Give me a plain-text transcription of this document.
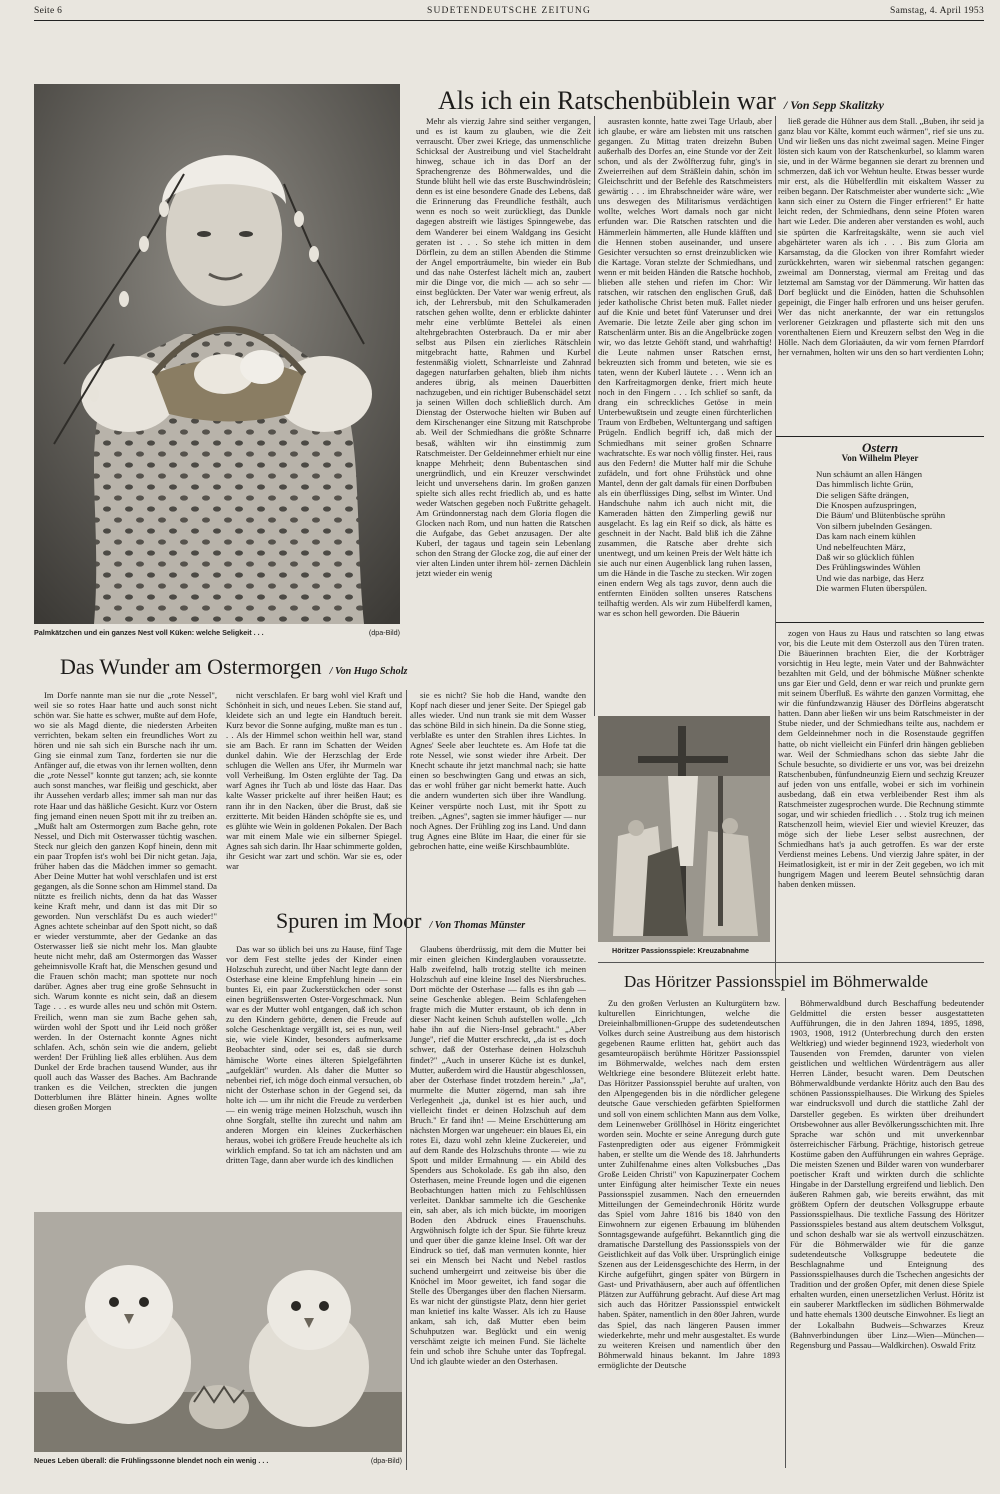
Seite 6	SUDETENDEUTSCHE ZEITUNG	Samstag, 4. April 1953
Palmkätzchen und ein ganzes Nest voll Küken: welche Seligkeit . . .	(dpa-Bild)
Als ich ein Ratschenbüblein war / Von Sepp Skalitzky

Mehr als vierzig Jahre sind seither vergangen, und es ist kaum zu glauben, wie die Zeit verrauscht. Über zwei Kriege, das unmenschliche Schicksal der Austreibung und viel Stacheldraht hinweg, schaue ich in das Dorf an der Sprachengrenze des Böhmerwaldes, und die Stunde blüht hell wie das erste Buschwindröslein; denn es ist eine besondere Gnade des Lebens, daß die Erinnerung das Freundliche festhält, auch wenn es noch so weit zurückliegt, das Dunkle dagegen abstreift wie lästiges Spinngewebe, das dem Wanderer bei einem Waldgang ins Gesicht geraten ist . . . So stehe ich mitten in dem Dörflein, zu dem an stillen Abenden die Stimme der Angel emporträumelte, bin wieder ein Bub und das nahe Osterfest lächelt mich an, zaubert mir die Dinge vor, die mich — ach so sehr — einst beglückten. Der Vater war wenig erfreut, als ich, der Lehrersbub, mit den Schulkameraden ratschen gehen wollte, denn er erblickte dahinter mehr eine verblümte Bettelei als einen altehrgebrachten Osterbrauch. Da er mir aber selbst aus Pilsen ein zierliches Rätschlein mitgebracht hatte, Rahmen und Kurbel festenmäßig violett, Schnarrleiste und Zahnrad dagegen naturfarben gehalten, blieb ihm nichts anderes übrig, als meinen Dauerbitten nachzugeben, und ein richtiger Bubenschädel setzt ja seinen Willen doch schließlich durch. Am Dienstag der Osterwoche hielten wir Buben auf dem Kirschenanger eine Sitzung mit Ratschprobe ab. Weil der Schmiedhans die größte Schnarre besaß, wählten wir ihn einstimmig zum Ratschmeister. Der Geldeinnehmer erhielt nur eine knappe Mehrheit; denn Bubentaschen sind unergründlich, und ein Kreuzer verschwindet leicht und unversehens darin. Im großen ganzen spielte sich alles recht friedlich ab, und es hatte weder Watschen gegeben noch Fußtritte gehagelt. Am Gründonnerstag nach dem Gloria flogen die Glocken nach Rom, und nun hatten die Ratschen die Aufgabe, das Gebet anzusagen. Der alte Kuberl, der tagaus und tagein sein Lebenlang schon den Strang der Glocke zog, die auf einer der vier alten Linden unter ihrem höl- zernen Dächlein jetzt wieder ein wenig

ausrasten konnte, hatte zwei Tage Urlaub, aber ich glaube, er wäre am liebsten mit uns ratschen gegangen. Zu Mittag traten dreizehn Buben außerhalb des Dorfes an, eine Stunde vor der Zeit schon, und als der Zwölfterzug fuhr, ging's in Zweierreihen auf dem Sträßlein dahin, schön im Gleichschritt und der Befehle des Ratschmeisters gewärtig . . . im Ehrabschneider wäre wäre, wer uns deswegen des Militarismus verdächtigen wollte, welches Wort damals noch gar nicht erfunden war. Die Ratschen ratschten und die Hämmerlein hämmerten, alle Hunde kläfften und die Hennen stoben auseinander, und unsere Gesichter versuchten so ernst dreinzublicken wie die Kartage. Voran stelzte der Schmiedhans, und wenn er mit beiden Händen die Ratsche hochhob, blieben alle stehen und riefen im Chor: Wir ratschen, wir ratschen den englischen Gruß, daß jeder katholische Christ beten muß. Fallet nieder auf die Knie und betet fünf Vaterunser und drei Avemarie. Die letzte Zeile aber ging schon im Ratschenlärm unter. Bis an die Angelbrücke zogen wir, wo das letzte Gehöft stand, und wahrhaftig! die Leute nahmen unser Ratschen ernst, bekreuzten sich fromm und beteten, wie sie es taten, wenn der Kuberl läutete . . . Wenn ich an den Karfreitagmorgen denke, friert mich heute noch in den Fingern . . . Ich schlief so sanft, da drang ein schreckliches Getöse in mein Unterbewußtsein und zeugte einen fürchterlichen Traum von Erdbeben, Weltuntergang und saftigen Prügeln. Endlich begriff ich, daß mich der Schmiedhans mit seiner großen Schnarre wachratschte. Es war noch völlig finster. Hei, raus aus den Federn! die Mutter half mir die Schuhe zufädeln, und fort ohne Frühstück und ohne Mantel, denn der galt damals für einen Dorfbuben als ein überflüssiges Ding, selbst im Winter. Und Handschuhe nahm ich auch nicht mit, die Kameraden hätten den Zimperling gewiß nur ausgelacht. Es lag ein Reif so dick, als hätte es geschneit in der Nacht. Bald bliß ich die Zähne zusammen, die Ratsche aber drehte sich unentwegt, und um keinen Preis der Welt hätte ich sie auch nur einen Augenblick lang ruhen lassen, um die Hände in die Tasche zu stecken. Wir zogen einen endern Weg als tags zuvor, denn auch die entfernten Einöden sollten unseres Ratschens teilhaftig werden. Als wir zum Hübelferdl kamen, war es schon hell geworden. Die Bäuerin

ließ gerade die Hühner aus dem Stall. „Buben, ihr seid ja ganz blau vor Kälte, kommt euch wärmen", rief sie uns zu. Und wir ließen uns das nicht zweimal sagen. Meine Finger lösten sich kaum von der Ratschenkurbel, so klamm waren sie, und in der Wärme begannen sie derart zu brennen und schmerzen, daß ich vor Wehtun heulte. Etwas besser wurde mir erst, als die Hübelferdlin mit eiskaltem Wasser zu reiben begann. Der Ratschmeister aber wunderte sich: „Wie kann sich einer zu Ostern die Finger erfrieren!" Er hatte leicht reden, der Schmiedhans, denn seine Pfoten waren hart wie Leder. Die anderen aber verstanden es wohl, auch sie spürten die Karfreitagskälte, wenn sie auch viel abgehärteter waren als ich . . . Bis zum Gloria am Karsamstag, da die Glocken von ihrer Romfahrt wieder zurückkehrten, waren wir siebenmal ratschen gegangen: zweimal am Donnerstag, viermal am Freitag und das letztemal am Samstag vor der Dämmerung. Wir hatten das Dorf beglückt und die Einöden, hatten die Schuhsohlen gepeinigt, die Finger halb erfroren und uns heiser gerufen. Wer das nicht anerkannte, der war ein rettungslos verlorener Geizkragen und pflasterte sich mit den uns vorenthaltenen Eiern und Kreuzern selbst den Weg in die Hölle. Nach dem Gloriaäuten, da wir vom fernen Pfarrdorf her vernahmen, holten wir uns den so hart verdienten Lohn;

Ostern
Von Wilhelm Pleyer
Nun schäumt an allen Hängen
Das himmlisch lichte Grün,
Die seligen Säfte drängen,
Die Knospen aufzuspringen,
Die Bäum' und Blütenbüsche sprühn
Von silbern jubelnden Gesängen.
Das kam nach einem kühlen
Und nebelfeuchten März,
Daß wir so glücklich fühlen
Des Frühlingswindes Wühlen
Und wie das narbige, das Herz
Die warmen Fluten überspülen.

zogen von Haus zu Haus und ratschten so lang etwas vor, bis die Leute mit dem Osterzoll aus den Türen traten. Die Bäuerinnen brachten Eier, die der Korbträger vorsichtig in Heu legte, mein Vater und der Bahnwächter bezahlten mit Geld, und der böhmische Müßner schenkte uns gar Eier und Geld, denn er war reich und prunkte gern mit seinem Überfluß. Es währte den ganzen Vormittag, ehe wir die fünfundzwanzig Häuser des Dörfleins abgeratscht hatten. Dann aber ließen wir uns beim Ratschmeister in der Stube nieder, und der Schmiedhans teilte aus, nachdem er dem Geldeinnehmer noch in die Rosenstaude gegriffen hatte, ob nicht vielleicht ein Fünferl drin hängen geblieben war. Weil der Schmiedhans schon das siebte Jahr die Schule besuchte, so dividierte er uns vor, was bei dreizehn Ratschenbuben, fünfundneunzig Eiern und sechzig Kreuzer auf jeden von uns entfalle, wobei er sich im vorhinein ausbedang, daß ein etwa verbleibender Rest ihm als Ratschmeister zugesprochen wurde. Die Rechnung stimmte sogar, und wir schieden friedlich . . . Stolz trug ich meinen Ratschenzoll heim, wieviel Eier und wieviel Kreuzer, das möge sich der liebe Leser selbst ausrechnen, der Schmiedhans hat's ja auch getroffen. Es war der erste Verdienst meines Lebens. Und vierzig Jahre später, in der Heimatlosigkeit, ist er mir in der Zeit gegeben, wo ich mit hungrigem Magen und leerem Beutel sehnsüchtig daran haben denken müssen.

Das Wunder am Ostermorgen / Von Hugo Scholz

Im Dorfe nannte man sie nur die „rote Nessel", weil sie so rotes Haar hatte und auch sonst nicht schön war. Sie hatte es schwer, mußte auf dem Hofe, wo sie als Magd diente, die niedersten Arbeiten verrichten, bekam selten ein freundliches Wort zu hören und nie sah sich ein Bursche nach ihr um. Ging sie einmal zum Tanz, forderten sie nur die Anfänger auf, die etwas von ihr lernen wollten, denn die „rote Nessel" konnte gut tanzen; ach, sie konnte auch sonst manches, war fleißig und geschickt, aber ihr Aussehen verdarb alles; immer sah man nur das rote Haar und das häßliche Gesicht. Kurz vor Ostern fing jemand einen neuen Spott mit ihr zu treiben an. „Mußt halt am Ostermorgen zum Bache gehn, rote Nessel, und Dich mit Osterwasser tüchtig waschen. Steck nur gleich den ganzen Kopf hinein, denn mit ein paar Tropfen ist's wohl bei Dir nicht getan. Jaja, früher haben das die Mädchen immer so gemacht. Aber Deine Mutter hat wohl verschlafen und ist erst gegangen, als die Sonne schon am Himmel stand. Da nützte es freilich nichts, denn da hat das Wasser keine Kraft mehr, und dann ist das mit Dir so geworden. Nun verschläfst Du es auch wieder!" Agnes achtete scheinbar auf den Spott nicht, so daß er wieder verstummte, aber der Gedanke an das Osterwasser ließ sie nicht mehr los. Man glaubte heute nicht mehr, daß am Ostermorgen das Wasser geheimnisvolle Kraft hat, die Menschen gesund und die Frauen schön macht; man spottete nur noch darüber. Agnes aber trug eine große Sehnsucht in sich. Warum konnte es nicht sein, daß an diesem Tage . . . es wurde alles neu und schön mit Ostern. Freilich, wenn man sie zum Bache gehen sah, würden wohl der Spott und ihr Leid noch größer werden. In der Osternacht konnte Agnes nicht schlafen. Ach, schön sein wie die andern, geliebt werden! Der Frühling ließ alles erblühen. Aus dem Dunkel der Erde brachen tausend Wunder, aus ihr quoll auch das Wasser des Baches. Am Bachrande tranken es die Veilchen, streckten die jungen Dotterblumen ihre Blätter hinein. Agnes wollte diesen großen Morgen

nicht verschlafen. Er barg wohl viel Kraft und Schönheit in sich, und neues Leben. Sie stand auf, kleidete sich an und legte ein Handtuch bereit. Kurz bevor die Sonne aufging, mußte man es tun . . . Als der Himmel schon weithin hell war, stand sie am Bach. Er rann im Schatten der Weiden dunkel dahin. Wie der Herzschlag der Erde schlugen die Wellen ans Ufer, ihr Murmeln war voll Verheißung. Im Osten erglühte der Tag. Da warf Agnes ihr Tuch ab und löste das Haar. Das kalte Wasser prickelte auf ihrer heißen Haut; es rann ihr in den Nacken, über die Brust, daß sie erzitterte. Mit beiden Händen schöpfte sie es, und es glühte wie Wein in goldenen Pokalen. Der Bach war mit einem Male wie ein silberner Spiegel. Agnes sah sich darin. Ihr Haar schimmerte golden, ihr Gesicht war zart und schön. War sie es, oder war

sie es nicht? Sie hob die Hand, wandte den Kopf nach dieser und jener Seite. Der Spiegel gab alles wieder. Und nun trank sie mit dem Wasser das schöne Bild in sich hinein. Da die Sonne stieg, verblaßte es unter den Strahlen ihres Lichtes. In Agnes' Seele aber leuchtete es. Am Hofe tat die rote Nessel, wie sonst wieder ihre Arbeit. Der Knecht schaute ihr jetzt manchmal nach; sie hatte einen so beschwingten Gang und etwas an sich, das er wohl früher gar nicht bemerkt hatte. Auch die andern wunderten sich über ihre Wandlung. Keiner verspürte noch Lust, mit ihr Spott zu treiben. „Agnes", sagten sie immer häufiger — nur noch Agnes. Der Frühling zog ins Land. Und dann trug Agnes eine Blüte im Haar, die einer für sie gebrochen hatte, eine weiße Kirschbaumblüte.

Spuren im Moor / Von Thomas Münster

Das war so üblich bei uns zu Hause, fünf Tage vor dem Fest stellte jedes der Kinder einen Holzschuh zurecht, und über Nacht legte dann der Osterhase eine kleine Empfehlung hinein — ein buntes Ei, ein paar Zuckerstückchen oder sonst einen begrüßenswerten Oster-Vorgeschmack. Nun war es der Mutter wohl entgangen, daß ich schon zu den Kindern gehörte, denen die Freude auf solche Geschenktage vergällt ist, sei es nun, weil sie, wie viele Kinder, besonders aufmerksame Beobachter sind, oder sei es, daß sie durch hämische Worte eines älteren Spielgefährten „aufgeklärt" wurden. Als daher die Mutter so nebenbei rief, ich möge doch einmal versuchen, ob nicht der Osterhase schon in der Gegend sei, da holte ich — um ihr nicht die Freude zu verderben — ein wenig träge meinen Holzschuh, wusch ihn ohne Sorgfalt, stellte ihn zurecht und nahm am anderen Morgen ein kleines Zuckerhäschen heraus, wobei ich größere Freude heuchelte als ich wirklich empfand. So tat ich am nächsten und am dritten Tage, dann aber wurde ich des kindlichen

Glaubens überdrüssig, mit dem die Mutter bei mir einen gleichen Kinderglauben voraussetzte. Halb zweifelnd, halb trotzig stellte ich meinen Holzschuh auf eine kleine Insel des Niersbruches. Dort möchte der Osterhase — falls es ihn gab — seine Geschenke ablegen. Beim Schlafengehen fragte mich die Mutter erstaunt, ob ich denn in dieser Nacht keinen Schuh aufstellen wolle. „Ich habe ihn auf die Niers-Insel gebracht." „Aber Junge", rief die Mutter erschreckt, „da ist es doch schwer, daß der Osterhase deinen Holzschuh findet?" „Auch in unserer Küche ist es dunkel, Mutter, außerdem wird die Haustür abgeschlossen, aber der Osterhase findet trotzdem herein." „Ja", murmelte die Mutter zögernd, man sah ihre Verlegenheit „ja, dunkel ist es hier auch, und vielleicht findet er deinen Holzschuh auf dem Bruch." Er fand ihn! — Meine Erschütterung am nächsten Morgen war ungeheuer: ein blaues Ei, ein rotes Ei, dazu wohl zehn kleine Zuckereier, und auf dem Rande des Holzschuhs thronte — wie zu Spott und milder Ermahnung — ein Abild des Spenders aus Schokolade. Es gab ihn also, den Osterhasen, meine Freunde logen und die eigenen Beobachtungen hatten mich zu Fehlschlüssen verleitet. Dankbar sammelte ich die Geschenke ein, sah aber, als ich mich bückte, im moorigen Boden den Abdruck eines Frauenschuhs. Argwöhnisch folgte ich der Spur. Sie führte kreuz und quer über die ganze kleine Insel. Oft war der Eindruck so tief, daß man vermuten konnte, hier sei ein Mensch bei Nacht und Nebel rastlos suchend umhergeirrt und zeitweise bis über die Knöchel im Moor geweitet, ich fand sogar die Stelle des Überganges über den flachen Niersarm. Es war nicht der günstigste Platz, denn hier geriet man knietief ins kalte Wasser. Als ich zu Hause ankam, sah ich, daß Mutter eben beim Schuhputzen war. Beglückt und ein wenig verschämt zeigte ich meinen Fund. Sie lächelte fein und schob ihre Schuhe unter das Topfregal. Und ich glaubte wieder an den Osterhasen.

Höritzer Passionsspiele: Kreuzabnahme
Das Höritzer Passionsspiel im Böhmerwalde

Zu den großen Verlusten an Kulturgütern bzw. kulturellen Einrichtungen, welche die Dreieinhalbmillionen-Gruppe des sudetendeutschen Volkes durch seine Austreibung aus dem historisch gegebenen Raume erlitten hat, gehört auch das gesamteuropäisch berühmte Höritzer Passionsspiel im Böhmerwalde, welches nach dem ersten Weltkriege eine besondere Blütezeit erlebt hatte. Das Höritzer Passionsspiel beruhte auf uralten, von den Alpengegenden bis in die nördlicher gelegene deutsche Gaue verschieden gefärbten Spielformen und soll von einem schlichten Mann aus dem Volke, dem Leinenweber Gröllhösel in Höritz eingerichtet worden sein. Mochte er seine Anregung durch gute Fastenpredigten oder aus eigener Frömmigkeit haben, er stellte um die Wende des 18. Jahrhunderts unter Zuhilfenahme eines alten Volksbuches „Das Große Leiden Christi" von Kapuzinerpater Cochem unter Einfügung alter heimischer Texte ein neues Passionsspiel zusammen. Nach den erneuernden Mitteilungen der Gemeindechronik Höritz wurde das Spiel vom Jahre 1816 bis 1840 von den Einwohnern zur eigenen Erbauung im blühenden Sonntagsgewande aufgeführt. Bekanntlich ging die dramatische Darstellung des Passionsspiels von der Geistlichkeit auf das Volk über. Ursprünglich einige Szenen aus der Leidensgeschichte des Herrn, in der Kirche aufgeführt, gingen später von Bürgern in Gast- und Privathäusern, aber auch auf öffentlichen Plätzen zur Aufführung gebracht. Auf diese Art mag sich auch das Höritzer Passionsspiel entwickelt haben. Später, namentlich in den 80er Jahren, wurde das Spiel, das nach längeren Pausen immer wiederkehrte, mehr und mehr ausgestaltet. Es wurde zu weiteren Kreisen und namentlich über den Böhmerwald hinaus bekannt. Im Jahre 1893 ermöglichte der Deutsche

Böhmerwaldbund durch Beschaffung bedeutender Geldmittel die ersten besser ausgestatteten Aufführungen, die in den Jahren 1894, 1895, 1898, 1903, 1908, 1912 (Unterbrechung durch den ersten Weltkrieg) und wieder beginnend 1923, wiederholt von Tausenden von Fremden, darunter von vielen geistlichen und weltlichen Würdenträgern aus aller Herren Länder, besucht waren. Dem Deutschen Böhmerwaldbunde verdankte Höritz auch den Bau des schönen Passionsspielhauses. Die Wirkung des Spieles war eindrucksvoll und durch die stattliche Zahl der Darsteller gegeben. Es wirkten über dreihundert Ortsbewohner aus aller Bevölkerungsschichten mit. Ihre Sprache war schön und mit unverkennbar österreichischer Färbung. Prächtige, historisch getreue Kostüme gaben den Aufführungen ein wahres Gepräge. Die meisten Szenen und Bilder waren von wunderbarer poetischer Kraft und wirkten durch die schlichte Hingabe in der Darstellung ergreifend und lieblich. Den äußeren Rahmen gab, wie bereits erwähnt, das mit größtem Opfern der deutschen Volksgruppe erbaute Passionsspielhaus. Die textliche Fassung des Höritzer Passionsspieles bestand aus altem deutschem Volksgut, und schon deshalb war sie als wertvoll einzuschätzen. Für die Böhmerwälder wie für die ganze sudetendeutsche Volksgruppe bedeutete die Beschlagnahme und Enteignung des Passionsspielhauses durch die Tschechen angesichts der Tradition und der großen Opfer, mit denen diese Spiele erhalten wurden, einen unersetzlichen Verlust. Höritz ist ein sauberer Marktflecken im südlichen Böhmerwalde und hatte ehemals 1300 deutsche Einwohner. Es liegt an der Lokalbahn Budweis—Schwarzes Kreuz (Bahnverbindungen über Linz—Wien—München—Regensburg und Passau—Waldkirchen). Oswald Fritz

Neues Leben überall: die Frühlingssonne blendet noch ein wenig . . .	(dpa-Bild)
